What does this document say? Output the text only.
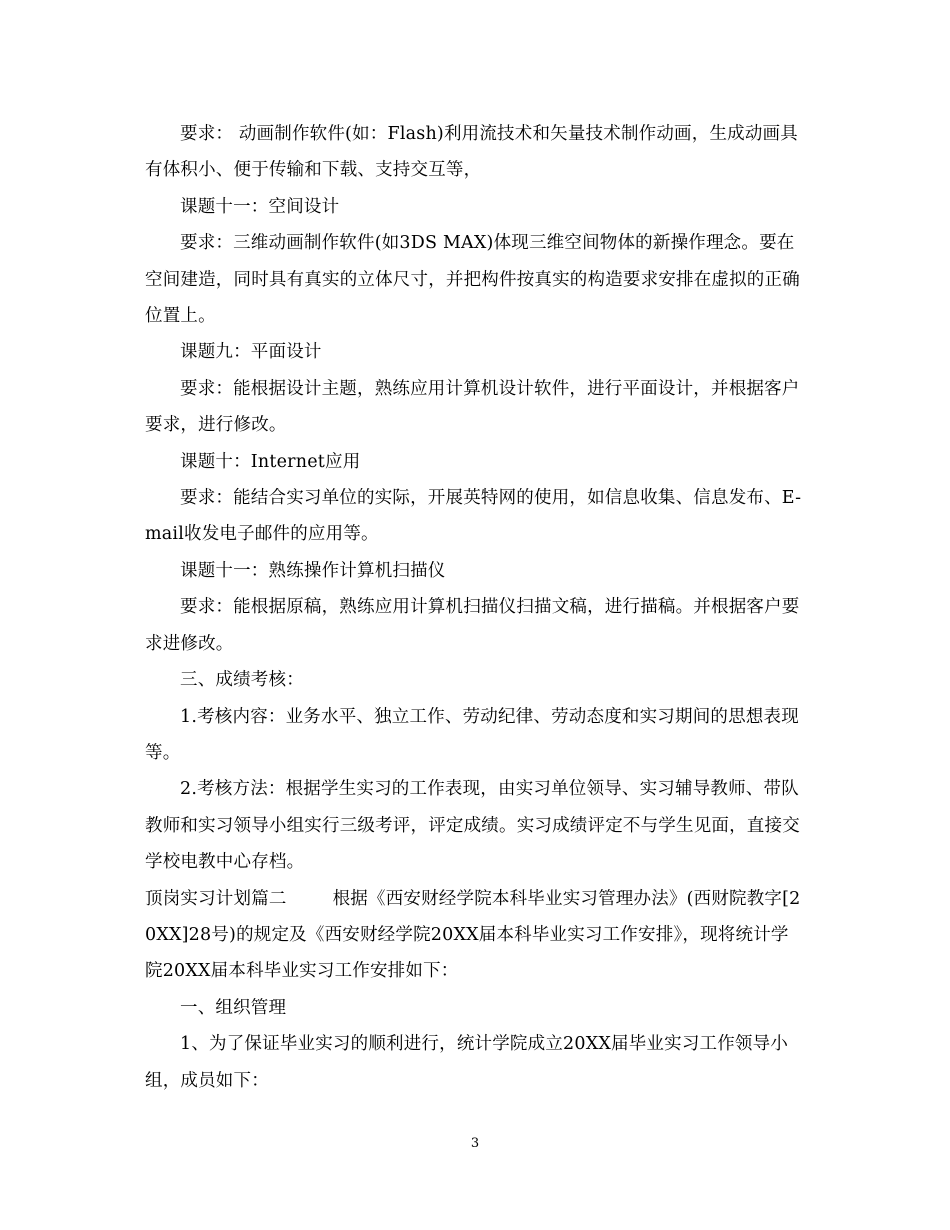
要求： 动画制作软件(如：Flash)利用流技术和矢量技术制作动画，生成动画具有体积小、便于传输和下载、支持交互等，

课题十一：空间设计

要求：三维动画制作软件(如3DS MAX)体现三维空间物体的新操作理念。要在空间建造，同时具有真实的立体尺寸，并把构件按真实的构造要求安排在虚拟的正确位置上。

课题九：平面设计

要求：能根据设计主题，熟练应用计算机设计软件，进行平面设计，并根据客户要求，进行修改。

课题十：Internet应用

要求：能结合实习单位的实际，开展英特网的使用，如信息收集、信息发布、E-mail收发电子邮件的应用等。

课题十一：熟练操作计算机扫描仪

要求：能根据原稿，熟练应用计算机扫描仪扫描文稿，进行描稿。并根据客户要求进修改。

三、成绩考核：

1.考核内容：业务水平、独立工作、劳动纪律、劳动态度和实习期间的思想表现等。

2.考核方法：根据学生实习的工作表现，由实习单位领导、实习辅导教师、带队教师和实习领导小组实行三级考评，评定成绩。实习成绩评定不与学生见面，直接交学校电教中心存档。

顶岗实习计划篇二	根据《西安财经学院本科毕业实习管理办法》(西财院教字[20XX]28号)的规定及《西安财经学院20XX届本科毕业实习工作安排》，现将统计学院20XX届本科毕业实习工作安排如下：

一、组织管理

1、为了保证毕业实习的顺利进行，统计学院成立20XX届毕业实习工作领导小组，成员如下：

3
